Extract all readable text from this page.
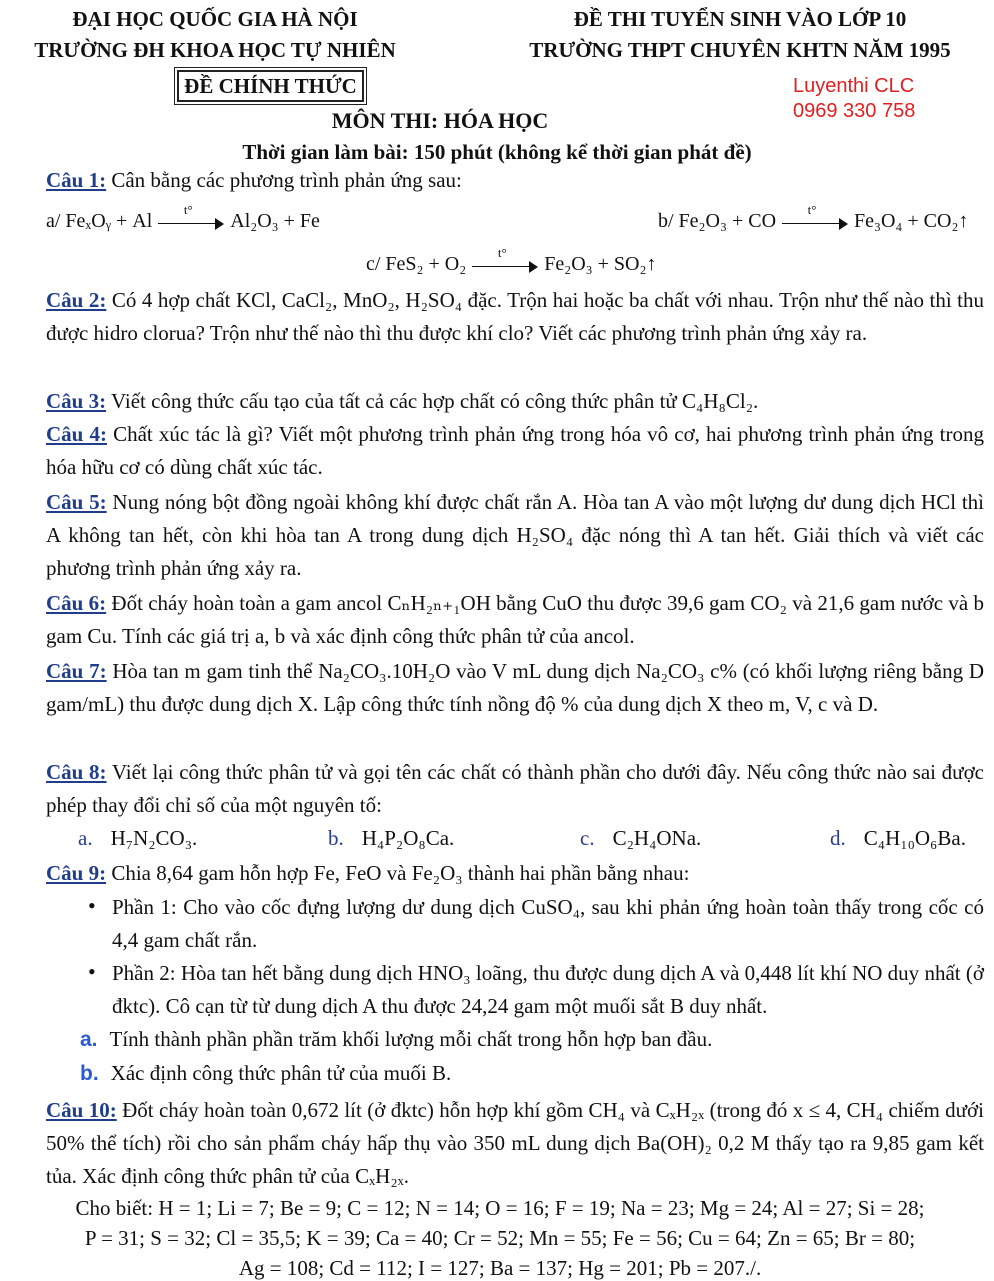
ĐẠI HỌC QUỐC GIA HÀ NỘI
TRƯỜNG ĐH KHOA HỌC TỰ NHIÊN
ĐỀ THI TUYỂN SINH VÀO LỚP 10
TRƯỜNG THPT CHUYÊN KHTN NĂM 1995
ĐỀ CHÍNH THỨC	Luyenthi CLC
0969 330 758
MÔN THI: HÓA HỌC
Thời gian làm bài: 150 phút (không kể thời gian phát đề)
Câu 1: Cân bằng các phương trình phản ứng sau:
a/ FeₓOᵧ + Al
t°
Al₂O₃ + Fe	b/ Fe₂O₃ + CO
t°
Fe₃O₄ + CO₂↑
c/ FeS₂ + O₂
t°
Fe₂O₃ + SO₂↑
Câu 2: Có 4 hợp chất KCl, CaCl₂, MnO₂, H₂SO₄ đặc. Trộn hai hoặc ba chất với nhau. Trộn như thế nào thì thu được hidro clorua? Trộn như thế nào thì thu được khí clo? Viết các phương trình phản ứng xảy ra.
Câu 3: Viết công thức cấu tạo của tất cả các hợp chất có công thức phân tử C₄H₈Cl₂.
Câu 4: Chất xúc tác là gì? Viết một phương trình phản ứng trong hóa vô cơ, hai phương trình phản ứng trong hóa hữu cơ có dùng chất xúc tác.
Câu 5: Nung nóng bột đồng ngoài không khí được chất rắn A. Hòa tan A vào một lượng dư dung dịch HCl thì A không tan hết, còn khi hòa tan A trong dung dịch H₂SO₄ đặc nóng thì A tan hết. Giải thích và viết các phương trình phản ứng xảy ra.
Câu 6: Đốt cháy hoàn toàn a gam ancol CₙH₂ₙ₊₁OH bằng CuO thu được 39,6 gam CO₂ và 21,6 gam nước và b gam Cu. Tính các giá trị a, b và xác định công thức phân tử của ancol.
Câu 7: Hòa tan m gam tinh thể Na₂CO₃.10H₂O vào V mL dung dịch Na₂CO₃ c% (có khối lượng riêng bằng D gam/mL) thu được dung dịch X. Lập công thức tính nồng độ % của dung dịch X theo m, V, c và D.
Câu 8: Viết lại công thức phân tử và gọi tên các chất có thành phần cho dưới đây. Nếu công thức nào sai được phép thay đổi chỉ số của một nguyên tố:
a. H₇N₂CO₃.	b. H₄P₂O₈Ca.	c. C₂H₄ONa.	d. C₄H₁₀O₆Ba.
Câu 9: Chia 8,64 gam hỗn hợp Fe, FeO và Fe₂O₃ thành hai phần bằng nhau:
• Phần 1: Cho vào cốc đựng lượng dư dung dịch CuSO₄, sau khi phản ứng hoàn toàn thấy trong cốc có 4,4 gam chất rắn.
• Phần 2: Hòa tan hết bằng dung dịch HNO₃ loãng, thu được dung dịch A và 0,448 lít khí NO duy nhất (ở đktc). Cô cạn từ từ dung dịch A thu được 24,24 gam một muối sắt B duy nhất.
a. Tính thành phần phần trăm khối lượng mỗi chất trong hỗn hợp ban đầu.
b. Xác định công thức phân tử của muối B.
Câu 10: Đốt cháy hoàn toàn 0,672 lít (ở đktc) hỗn hợp khí gồm CH₄ và CₓH₂ₓ (trong đó x ≤ 4, CH₄ chiếm dưới 50% thể tích) rồi cho sản phẩm cháy hấp thụ vào 350 mL dung dịch Ba(OH)₂ 0,2 M thấy tạo ra 9,85 gam kết tủa. Xác định công thức phân tử của CₓH₂ₓ.
Cho biết: H = 1; Li = 7; Be = 9; C = 12; N = 14; O = 16; F = 19; Na = 23; Mg = 24; Al = 27; Si = 28;
P = 31; S = 32; Cl = 35,5; K = 39; Ca = 40; Cr = 52; Mn = 55; Fe = 56; Cu = 64; Zn = 65; Br = 80;
Ag = 108; Cd = 112; I = 127; Ba = 137; Hg = 201; Pb = 207./.
